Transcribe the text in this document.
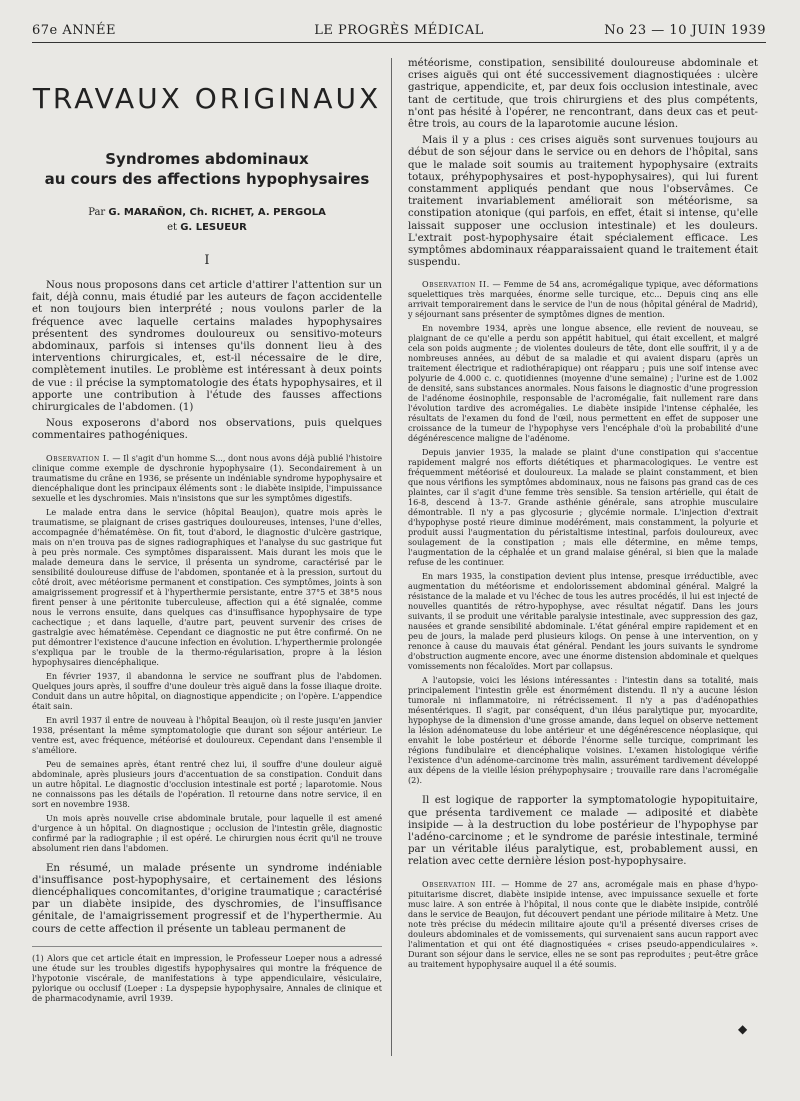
67e ANNÉE	LE PROGRÈS MÉDICAL	No 23 — 10 JUIN 1939
TRAVAUX ORIGINAUX
Syndromes abdominaux
au cours des affections hypophysaires
Par G. MARAÑON, Ch. RICHET, A. PERGOLA
et G. LESUEUR
I

Nous nous proposons dans cet article d'attirer l'attention sur un fait, déjà connu, mais étudié par les auteurs de façon accidentelle et non toujours bien interprété ; nous voulons parler de la fréquence avec laquelle certains malades hypophysaires présentent des syndromes douloureux ou sensitivo-moteurs abdominaux, parfois si intenses qu'ils donnent lieu à des interventions chirurgicales, et, est-il nécessaire de le dire, complètement inutiles. Le problème est intéressant à deux points de vue : il précise la symptomatologie des états hypophysaires, et il apporte une contribution à l'étude des fausses affections chirurgicales de l'abdomen. (1)

Nous exposerons d'abord nos observations, puis quelques commentaires pathogéniques.

Observation I. — Il s'agit d'un homme S..., dont nous avons déjà publié l'histoire clinique comme exemple de dyschronie hypophysaire (1). Secondairement à un traumatisme du crâne en 1936, se présente un indéniable syndrome hypophysaire et diencéphalique dont les principaux éléments sont : le diabète insipide, l'impuissance sexuelle et les dyschromies. Mais n'insistons que sur les symptômes digestifs.

Le malade entra dans le service (hôpital Beaujon), quatre mois après le traumatisme, se plaignant de crises gastriques douloureuses, intenses, l'une d'elles, accompagnée d'hématémèse. On fit, tout d'abord, le diagnostic d'ulcère gastrique, mais on n'en trouva pas de signes radiographiques et l'analyse du suc gastrique fut à peu près normale. Ces symptômes disparaissent. Mais durant les mois que le malade demeura dans le service, il présenta un syndrome, caractérisé par le sensibilité douloureuse diffuse de l'abdomen, spontanée et à la pression, surtout du côté droit, avec météorisme permanent et constipation. Ces symptômes, joints à son amaigrissement progressif et à l'hyperthermie persistante, entre 37°5 et 38°5 nous firent penser à une péritonite tuberculeuse, affection qui a été signalée, comme nous le verrons ensuite, dans quelques cas d'insuffisance hypophysaire de type cachectique ; et dans laquelle, d'autre part, peuvent survenir des crises de gastralgie avec hématémèse. Cependant ce diagnostic ne put être confirmé. On ne put démontrer l'existence d'aucune infection en évolution. L'hyperthermie prolongée s'expliqua par le trouble de la thermo-régularisation, propre à la lésion hypophysaires diencéphalique.

En février 1937, il abandonna le service ne souffrant plus de l'abdomen. Quelques jours après, il souffre d'une douleur très aiguë dans la fosse iliaque droite. Conduit dans un autre hôpital, on diagnostique appendicite ; on l'opère. L'appendice était sain.

En avril 1937 il entre de nouveau à l'hôpital Beaujon, où il reste jusqu'en janvier 1938, présentant la même symptomatologie que durant son séjour antérieur. Le ventre est, avec fréquence, météorisé et douloureux. Cependant dans l'ensemble il s'améliore.

Peu de semaines après, étant rentré chez lui, il souffre d'une douleur aiguë abdominale, après plusieurs jours d'accentuation de sa constipation. Conduit dans un autre hôpital. Le diagnostic d'occlusion intestinale est porté ; laparotomie. Nous ne connaissons pas les détails de l'opération. Il retourne dans notre service, il en sort en novembre 1938.

Un mois après nouvelle crise abdominale brutale, pour laquelle il est amené d'urgence à un hôpital. On diagnostique ; occlusion de l'intestin grêle, diagnostic confirmé par la radiographie ; il est opéré. Le chirurgien nous écrit qu'il ne trouve absolument rien dans l'abdomen.

En résumé, un malade présente un syndrome indéniable d'insuffisance post-hypophysaire, et certainement des lésions diencéphaliques concomitantes, d'origine traumatique ; caractérisé par un diabète insipide, des dyschromies, de l'insuffisance génitale, de l'amaigrissement progressif et de l'hyperthermie. Au cours de cette affection il présente un tableau permanent de

(1) Alors que cet article était en impression, le Professeur Loeper nous a adressé une étude sur les troubles digestifs hypophysaires qui montre la fréquence de l'hypotonie viscérale, de manifestations à type appendiculaire, vésiculaire, pylorique ou occlusif (Loeper : La dyspepsie hypophysaire, Annales de clinique et de pharmacodynamie, avril 1939.

météorisme, constipation, sensibilité douloureuse abdominale et crises aiguës qui ont été successivement diagnostiquées : ulcère gastrique, appendicite, et, par deux fois occlusion intestinale, avec tant de certitude, que trois chirurgiens et des plus compétents, n'ont pas hésité à l'opérer, ne rencontrant, dans deux cas et peut-être trois, au cours de la laparotomie aucune lésion.

Mais il y a plus : ces crises aiguës sont survenues toujours au début de son séjour dans le service ou en dehors de l'hôpital, sans que le malade soit soumis au traitement hypophysaire (extraits totaux, préhypophysaires et post-hypophysaires), qui lui furent constamment appliqués pendant que nous l'observâmes. Ce traitement invariablement améliorait son météorisme, sa constipation atonique (qui parfois, en effet, était si intense, qu'elle laissait supposer une occlusion intestinale) et les douleurs. L'extrait post-hypophysaire était spécialement efficace. Les symptômes abdominaux réapparaissaient quand le traitement était suspendu.

Observation II. — Femme de 54 ans, acromégalique typique, avec déformations squelettiques très marquées, énorme selle turcique, etc... Depuis cinq ans elle arrivait temporairement dans le service de l'un de nous (hôpital général de Madrid), y séjournant sans présenter de symptômes dignes de mention.

En novembre 1934, après une longue absence, elle revient de nouveau, se plaignant de ce qu'elle a perdu son appétit habituel, qui était excellent, et malgré cela son poids augmente ; de violentes douleurs de tête, dont elle souffrit, il y a de nombreuses années, au début de sa maladie et qui avaient disparu (après un traitement électrique et radiothérapique) ont réapparu ; puis une soif intense avec polyurie de 4.000 c. c. quotidiennes (moyenne d'une semaine) ; l'urine est de 1.002 de densité, sans substances anormales. Nous faisons le diagnostic d'une progression de l'adénome éosinophile, responsable de l'acromégalie, fait nullement rare dans l'évolution tardive des acromégalies. Le diabète insipide l'intense céphalée, les résultats de l'examen du fond de l'œil, nous permettent en effet de supposer une croissance de la tumeur de l'hypophyse vers l'encéphale d'où la probabilité d'une dégénérescence maligne de l'adénome.

Depuis janvier 1935, la malade se plaint d'une constipation qui s'accentue rapidement malgré nos efforts diététiques et pharmacologiques. Le ventre est fréquemment météorisé et douloureux. La malade se plaint constamment, et bien que nous vérifions les symptômes abdominaux, nous ne faisons pas grand cas de ces plaintes, car il s'agit d'une femme très sensible. Sa tension artérielle, qui était de 16-8, descend à 13-7. Grande asthénie générale, sans atrophie musculaire démontrable. Il n'y a pas glycosurie ; glycémie normale. L'injection d'extrait d'hypophyse posté rieure diminue modérément, mais constamment, la polyurie et produit aussi l'augmentation du péristaltisme intestinal, parfois douloureux, avec soulagement de la constipation ; mais elle détermine, en même temps, l'augmentation de la céphalée et un grand malaise général, si bien que la malade refuse de les continuer.

En mars 1935, la constipation devient plus intense, presque irréductible, avec augmentation du météorisme et endolorissement abdominal général. Malgré la résistance de la malade et vu l'échec de tous les autres procédés, il lui est injecté de nouvelles quantités de rétro-hypophyse, avec résultat négatif. Dans les jours suivants, il se produit une véritable paralysie intestinale, avec suppression des gaz, nausées et grande sensibilité abdominale. L'état général empire rapidement et en peu de jours, la malade perd plusieurs kilogs. On pense à une intervention, on y renonce à cause du mauvais état général. Pendant les jours suivants le syndrome d'obstruction augmente encore, avec une énorme distension abdominale et quelques vomissements non fécaloïdes. Mort par collapsus.

A l'autopsie, voici les lésions intéressantes : l'intestin dans sa totalité, mais principalement l'intestin grêle est énormément distendu. Il n'y a aucune lésion tumorale ni inflammatoire, ni rétrécissement. Il n'y a pas d'adénopathies mésentériques. Il s'agit, par conséquent, d'un iléus paralytique pur, myocardite, hypophyse de la dimension d'une grosse amande, dans lequel on observe nettement la lésion adénomateuse du lobe antérieur et une dégénérescence néoplasique, qui envahit le lobe postérieur et déborde l'énorme selle turcique, comprimant les régions fundibulaire et diencéphalique voisines. L'examen histologique vérifie l'existence d'un adénome-carcinome très malin, assurément tardivement développé aux dépens de la vieille lésion préhypophysaire ; trouvaille rare dans l'acromégalie (2).

Il est logique de rapporter la symptomatologie hypopituitaire, que présenta tardivement ce malade — adiposité et diabète insipide — à la destruction du lobe postérieur de l'hypophyse par l'adéno-carcinome ; et le syndrome de parésie intestinale, terminé par un véritable iléus paralytique, est, probablement aussi, en relation avec cette dernière lésion post-hypophysaire.

Observation III. — Homme de 27 ans, acromégale mais en phase d'hypo-pituitarisme discret, diabète insipide intense, avec impuissance sexuelle et forte musc laire. A son entrée à l'hôpital, il nous conte que le diabète insipide, contrôlé dans le service de Beaujon, fut découvert pendant une période militaire à Metz. Une note très précise du médecin militaire ajoute qu'il a présenté diverses crises de douleurs abdominales et de vomissements, qui survenaient sans aucun rapport avec l'alimentation et qui ont été diagnostiquées « crises pseudo-appendiculaires ». Durant son séjour dans le service, elles ne se sont pas reproduites ; peut-être grâce au traitement hypophysaire auquel il a été soumis.

◆
